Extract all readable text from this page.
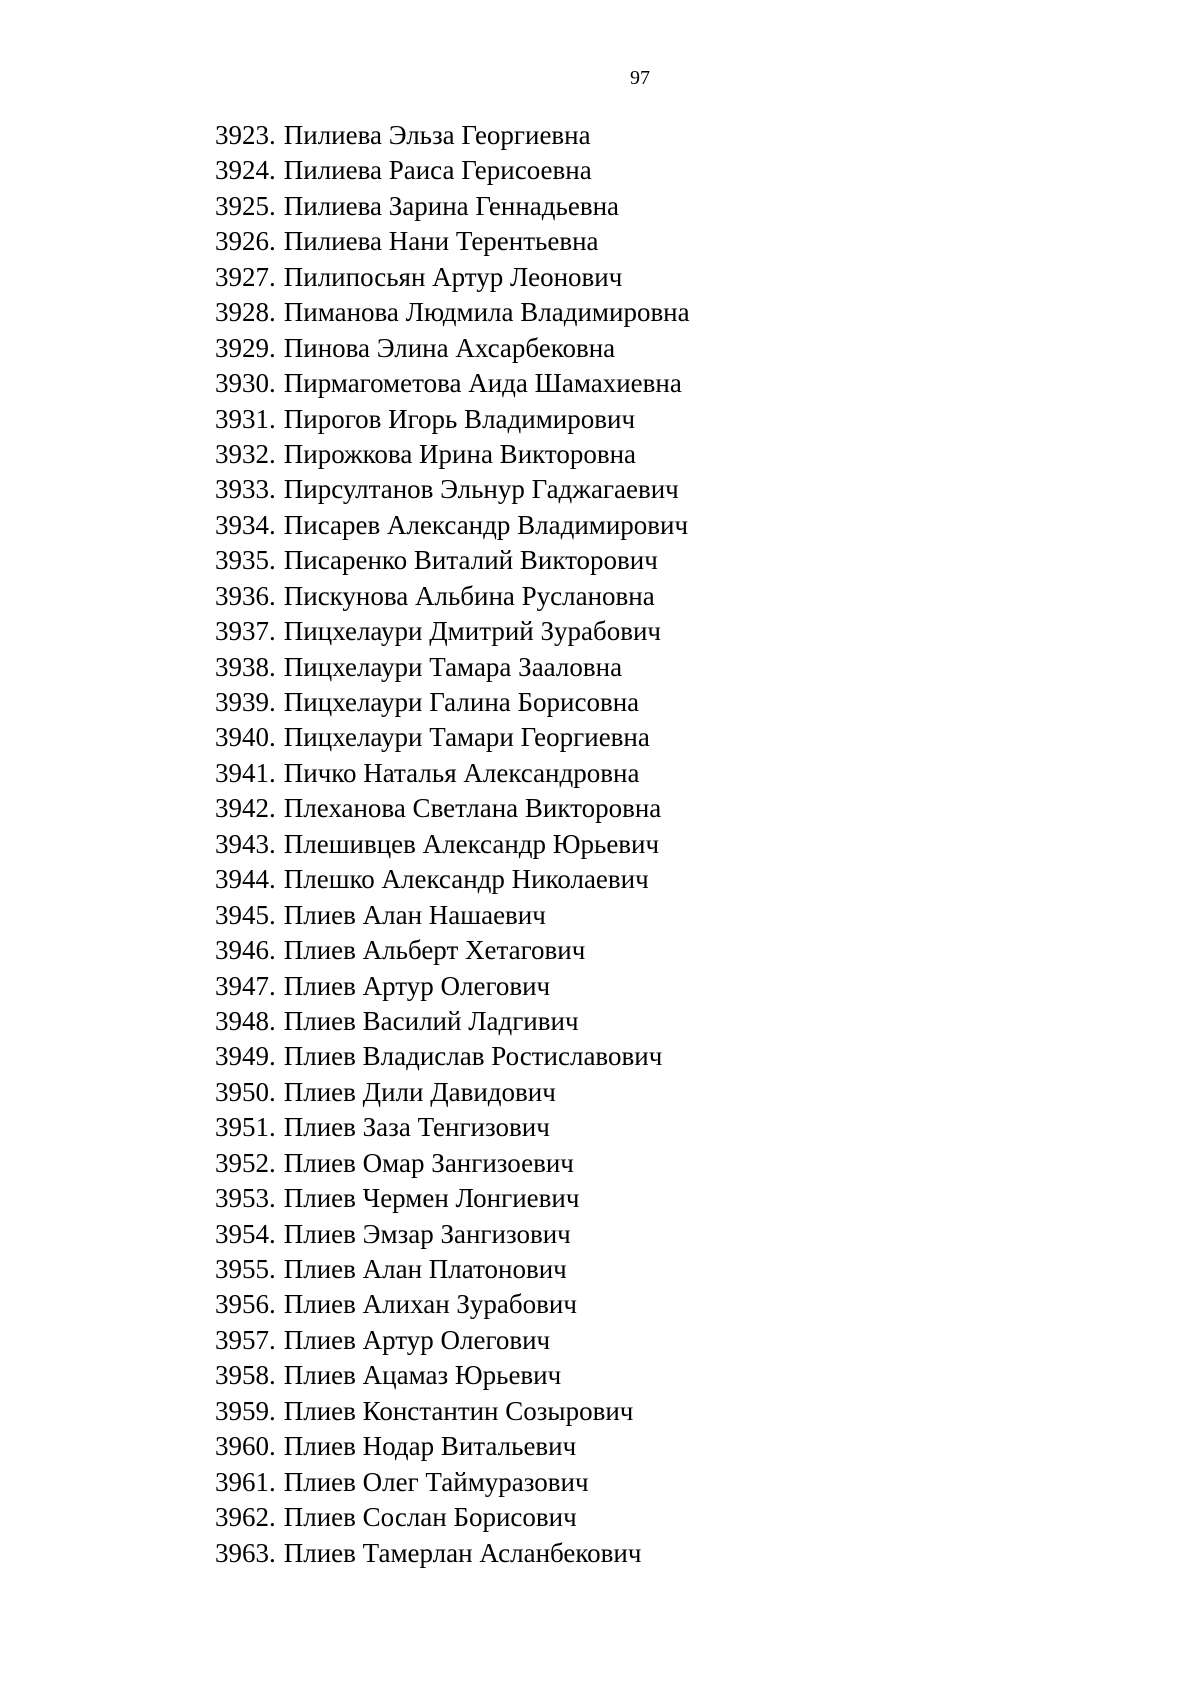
97
3923. Пилиева Эльза Георгиевна
3924. Пилиева Раиса Герисоевна
3925. Пилиева Зарина Геннадьевна
3926. Пилиева Нани Терентьевна
3927. Пилипосьян Артур Леонович
3928. Пиманова Людмила Владимировна
3929. Пинова Элина Ахсарбековна
3930. Пирмагометова Аида Шамахиевна
3931. Пирогов Игорь Владимирович
3932. Пирожкова Ирина Викторовна
3933. Пирсултанов Эльнур Гаджагаевич
3934. Писарев Александр Владимирович
3935. Писаренко Виталий Викторович
3936. Пискунова Альбина Руслановна
3937. Пицхелаури Дмитрий Зурабович
3938. Пицхелаури Тамара Зааловна
3939. Пицхелаури Галина Борисовна
3940. Пицхелаури Тамари Георгиевна
3941. Пичко Наталья Александровна
3942. Плеханова Светлана Викторовна
3943. Плешивцев Александр Юрьевич
3944. Плешко Александр Николаевич
3945. Плиев Алан Нашаевич
3946. Плиев Альберт Хетагович
3947. Плиев Артур Олегович
3948. Плиев Василий Ладгивич
3949. Плиев Владислав Ростиславович
3950. Плиев Дили Давидович
3951. Плиев Заза Тенгизович
3952. Плиев Омар Зангизоевич
3953. Плиев Чермен Лонгиевич
3954. Плиев Эмзар Зангизович
3955. Плиев Алан Платонович
3956. Плиев Алихан Зурабович
3957. Плиев Артур Олегович
3958. Плиев Ацамаз Юрьевич
3959. Плиев Константин Созырович
3960. Плиев Нодар Витальевич
3961. Плиев Олег Таймуразович
3962. Плиев Сослан Борисович
3963. Плиев Тамерлан Асланбекович
